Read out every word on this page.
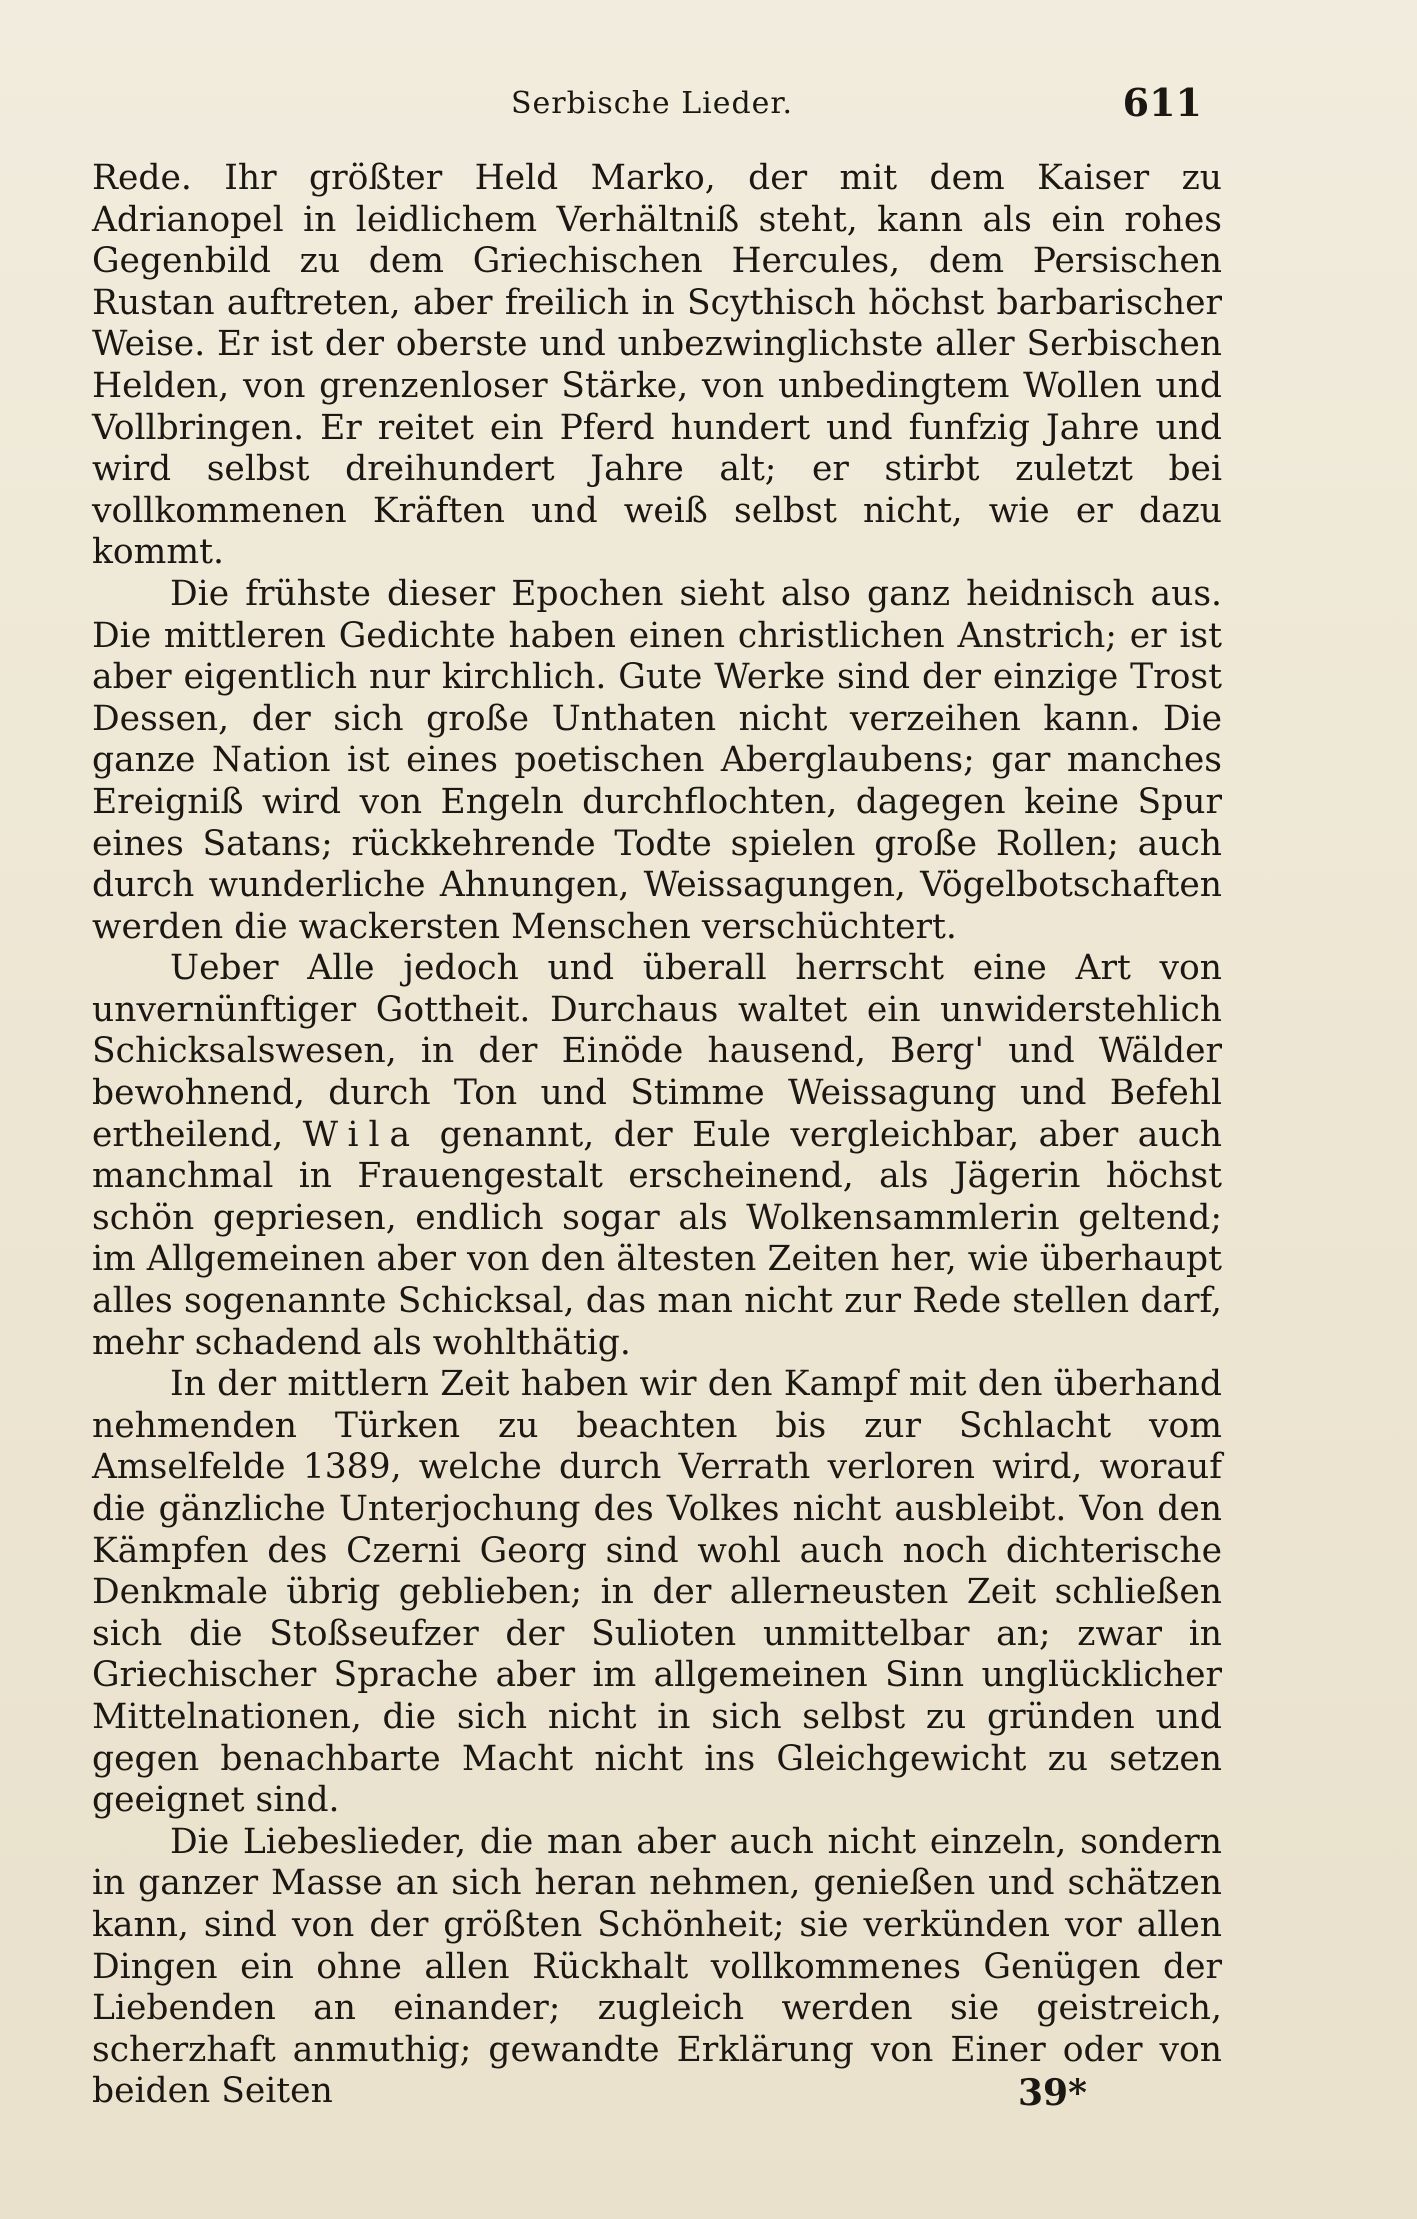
Serbische Lieder.	611

Rede. Ihr größter Held Marko, der mit dem Kaiser zu Adrianopel in leidlichem Verhältniß steht, kann als ein rohes Gegenbild zu dem Griechischen Hercules, dem Persischen Rustan auftreten, aber freilich in Scythisch höchst barbarischer Weise. Er ist der oberste und unbezwinglichste aller Serbischen Helden, von grenzenloser Stärke, von unbedingtem Wollen und Vollbringen. Er reitet ein Pferd hundert und funfzig Jahre und wird selbst dreihundert Jahre alt; er stirbt zuletzt bei vollkommenen Kräften und weiß selbst nicht, wie er dazu kommt.

Die frühste dieser Epochen sieht also ganz heidnisch aus. Die mittleren Gedichte haben einen christlichen Anstrich; er ist aber eigentlich nur kirchlich. Gute Werke sind der einzige Trost Dessen, der sich große Unthaten nicht verzeihen kann. Die ganze Nation ist eines poetischen Aberglaubens; gar manches Ereigniß wird von Engeln durchflochten, dagegen keine Spur eines Satans; rückkehrende Todte spielen große Rollen; auch durch wunderliche Ahnungen, Weissagungen, Vögelbotschaften werden die wackersten Menschen verschüchtert.

Ueber Alle jedoch und überall herrscht eine Art von unvernünftiger Gottheit. Durchaus waltet ein unwiderstehlich Schicksalswesen, in der Einöde hausend, Berg' und Wälder bewohnend, durch Ton und Stimme Weissagung und Befehl ertheilend, Wila genannt, der Eule vergleichbar, aber auch manchmal in Frauengestalt erscheinend, als Jägerin höchst schön gepriesen, endlich sogar als Wolkensammlerin geltend; im Allgemeinen aber von den ältesten Zeiten her, wie überhaupt alles sogenannte Schicksal, das man nicht zur Rede stellen darf, mehr schadend als wohlthätig.

In der mittlern Zeit haben wir den Kampf mit den überhand nehmenden Türken zu beachten bis zur Schlacht vom Amselfelde 1389, welche durch Verrath verloren wird, worauf die gänzliche Unterjochung des Volkes nicht ausbleibt. Von den Kämpfen des Czerni Georg sind wohl auch noch dichterische Denkmale übrig geblieben; in der allerneusten Zeit schließen sich die Stoßseufzer der Sulioten unmittelbar an; zwar in Griechischer Sprache aber im allgemeinen Sinn unglücklicher Mittelnationen, die sich nicht in sich selbst zu gründen und gegen benachbarte Macht nicht ins Gleichgewicht zu setzen geeignet sind.

Die Liebeslieder, die man aber auch nicht einzeln, sondern in ganzer Masse an sich heran nehmen, genießen und schätzen kann, sind von der größten Schönheit; sie verkünden vor allen Dingen ein ohne allen Rückhalt vollkommenes Genügen der Liebenden an einander; zugleich werden sie geistreich, scherzhaft anmuthig; gewandte Erklärung von Einer oder von beiden Seiten	39*
